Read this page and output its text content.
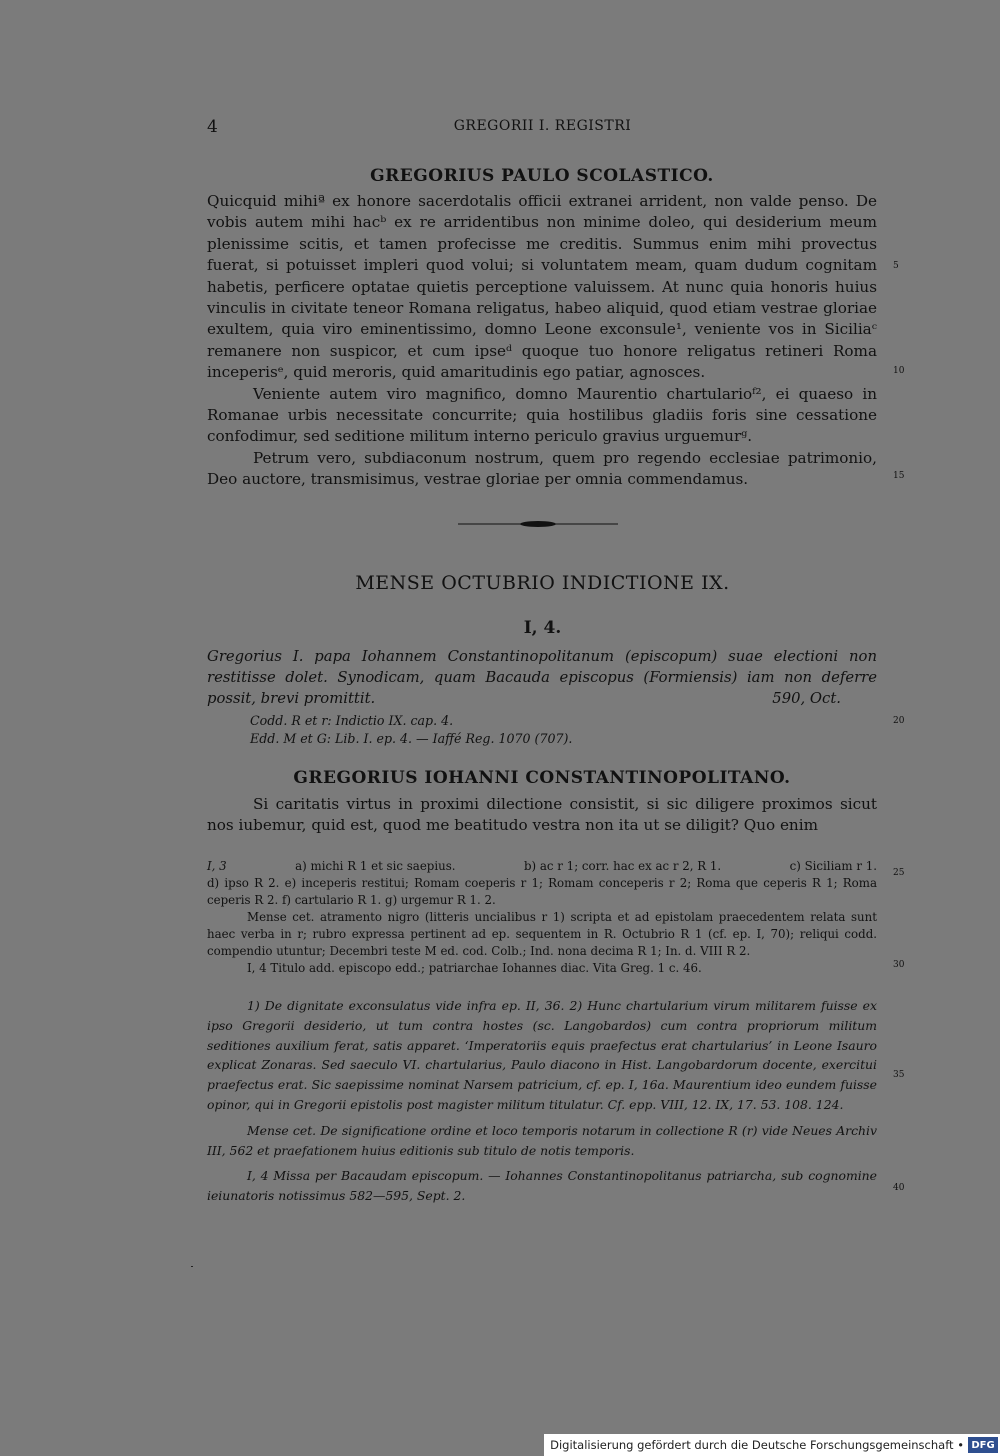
4	GREGORII I. REGISTRI
GREGORIUS PAULO SCOLASTICO.

Quicquid mihiª ex honore sacerdotalis officii extranei arrident, non valde penso. De vobis autem mihi hacᵇ ex re arridentibus non minime doleo, qui desiderium meum plenissime scitis, et tamen profecisse me creditis. Summus enim mihi provectus fuerat, si potuisset impleri quod volui; si voluntatem meam, quam dudum cognitam habetis, perficere optatae quietis perceptione valuissem. At nunc quia honoris huius vinculis in civitate teneor Romana religatus, habeo aliquid, quod etiam vestrae gloriae exultem, quia viro eminentissimo, domno Leone exconsule¹, veniente vos in Siciliaᶜ remanere non suspicor, et cum ipseᵈ quoque tuo honore religatus retineri Roma inceperisᵉ, quid meroris, quid amaritudinis ego patiar, agnosces.

Veniente autem viro magnifico, domno Maurentio chartularioᶠ², ei quaeso in Romanae urbis necessitate concurrite; quia hostilibus gladiis foris sine cessatione confodimur, sed seditione militum interno periculo gravius urguemurᵍ.

Petrum vero, subdiaconum nostrum, quem pro regendo ecclesiae patrimonio, Deo auctore, transmisimus, vestrae gloriae per omnia commendamus.

5
10
15
20
25
30
35
40
MENSE OCTUBRIO INDICTIONE IX.
I, 4.

Gregorius I. papa Iohannem Constantinopolitanum (episcopum) suae electioni non restitisse dolet. Synodicam, quam Bacauda episcopus (Formiensis) iam non deferre possit, brevi promittit.	590, Oct.

Codd. R et r: Indictio IX. cap. 4.
Edd. M et G: Lib. I. ep. 4. — Iaffé Reg. 1070 (707).
GREGORIUS IOHANNI CONSTANTINOPOLITANO.

Si caritatis virtus in proximi dilectione consistit, si sic diligere proximos sicut nos iubemur, quid est, quod me beatitudo vestra non ita ut se diligit? Quo enim

I, 3	a) michi R 1 et sic saepius.	b) ac r 1; corr. hac ex ac r 2, R 1.	c) Siciliam r 1.

d) ipso R 2. e) inceperis restitui; Romam coeperis r 1; Romam conceperis r 2; Roma que ceperis R 1; Roma ceperis R 2. f) cartulario R 1. g) urgemur R 1. 2.

Mense cet. atramento nigro (litteris uncialibus r 1) scripta et ad epistolam praecedentem relata sunt haec verba in r; rubro expressa pertinent ad ep. sequentem in R. Octubrio R 1 (cf. ep. I, 70); reliqui codd. compendio utuntur; Decembri teste M ed. cod. Colb.; Ind. nona decima R 1; In. d. VIII R 2.

I, 4 Titulo add. episcopo edd.; patriarchae Iohannes diac. Vita Greg. 1 c. 46.

1) De dignitate exconsulatus vide infra ep. II, 36. 2) Hunc chartularium virum militarem fuisse ex ipso Gregorii desiderio, ut tum contra hostes (sc. Langobardos) cum contra propriorum militum seditiones auxilium ferat, satis apparet. ‘Imperatoriis equis praefectus erat chartularius’ in Leone Isauro explicat Zonaras. Sed saeculo VI. chartularius, Paulo diacono in Hist. Langobardorum docente, exercitui praefectus erat. Sic saepissime nominat Narsem patricium, cf. ep. I, 16a. Maurentium ideo eundem fuisse opinor, qui in Gregorii epistolis post magister militum titulatur. Cf. epp. VIII, 12. IX, 17. 53. 108. 124.

Mense cet. De significatione ordine et loco temporis notarum in collectione R (r) vide Neues Archiv III, 562 et praefationem huius editionis sub titulo de notis temporis.

I, 4 Missa per Bacaudam episcopum. — Iohannes Constantinopolitanus patriarcha, sub cognomine ieiunatoris notissimus 582—595, Sept. 2.

Digitalisierung gefördert durch die Deutsche Forschungsgemeinschaft • DFG
